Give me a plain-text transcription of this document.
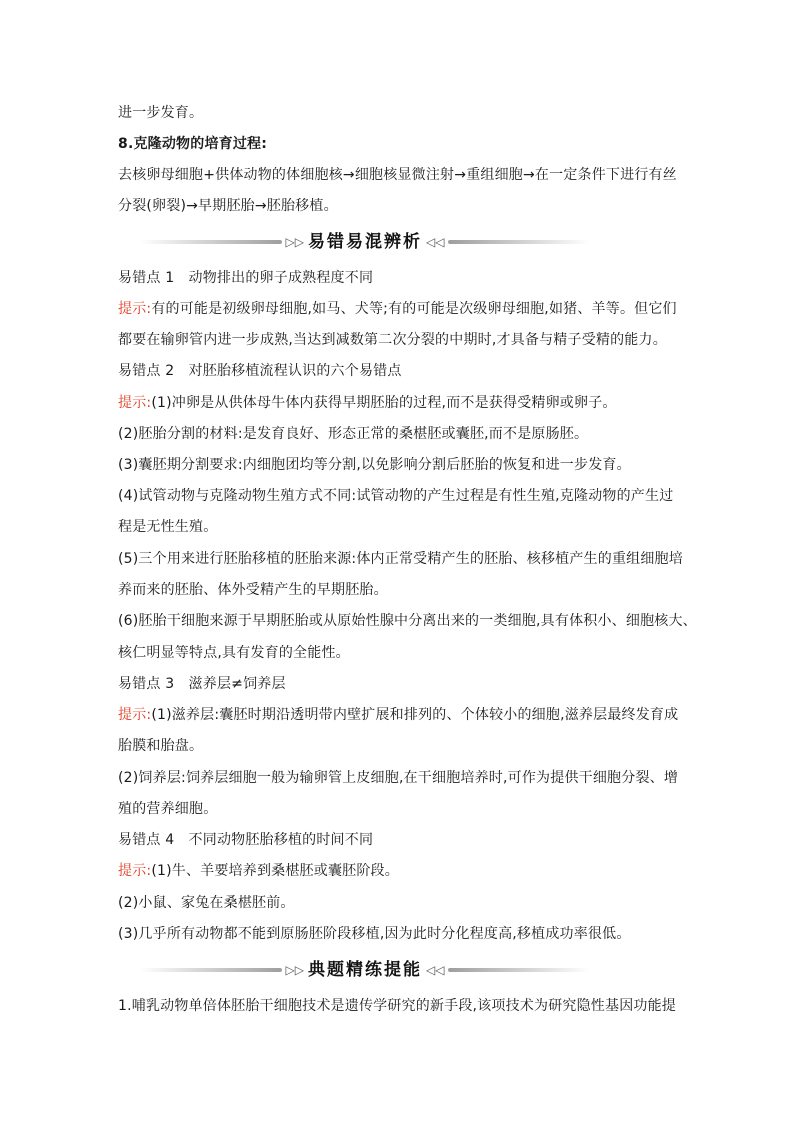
进一步发育。
8.克隆动物的培育过程:
去核卵母细胞+供体动物的体细胞核→细胞核显微注射→重组细胞→在一定条件下进行有丝
分裂(卵裂)→早期胚胎→胚胎移植。
▷▷ 易错易混辨析 ◁◁
易错点 1　动物排出的卵子成熟程度不同
提示:有的可能是初级卵母细胞,如马、犬等;有的可能是次级卵母细胞,如猪、羊等。但它们
都要在输卵管内进一步成熟,当达到减数第二次分裂的中期时,才具备与精子受精的能力。
易错点 2　对胚胎移植流程认识的六个易错点
提示:(1)冲卵是从供体母牛体内获得早期胚胎的过程,而不是获得受精卵或卵子。
(2)胚胎分割的材料:是发育良好、形态正常的桑椹胚或囊胚,而不是原肠胚。
(3)囊胚期分割要求:内细胞团均等分割,以免影响分割后胚胎的恢复和进一步发育。
(4)试管动物与克隆动物生殖方式不同:试管动物的产生过程是有性生殖,克隆动物的产生过
程是无性生殖。
(5)三个用来进行胚胎移植的胚胎来源:体内正常受精产生的胚胎、核移植产生的重组细胞培
养而来的胚胎、体外受精产生的早期胚胎。
(6)胚胎干细胞来源于早期胚胎或从原始性腺中分离出来的一类细胞,具有体积小、细胞核大、
核仁明显等特点,具有发育的全能性。
易错点 3　滋养层≠饲养层
提示:(1)滋养层:囊胚时期沿透明带内壁扩展和排列的、个体较小的细胞,滋养层最终发育成
胎膜和胎盘。
(2)饲养层:饲养层细胞一般为输卵管上皮细胞,在干细胞培养时,可作为提供干细胞分裂、增
殖的营养细胞。
易错点 4　不同动物胚胎移植的时间不同
提示:(1)牛、羊要培养到桑椹胚或囊胚阶段。
(2)小鼠、家兔在桑椹胚前。
(3)几乎所有动物都不能到原肠胚阶段移植,因为此时分化程度高,移植成功率很低。
▷▷ 典题精练提能 ◁◁
1.哺乳动物单倍体胚胎干细胞技术是遗传学研究的新手段,该项技术为研究隐性基因功能提
